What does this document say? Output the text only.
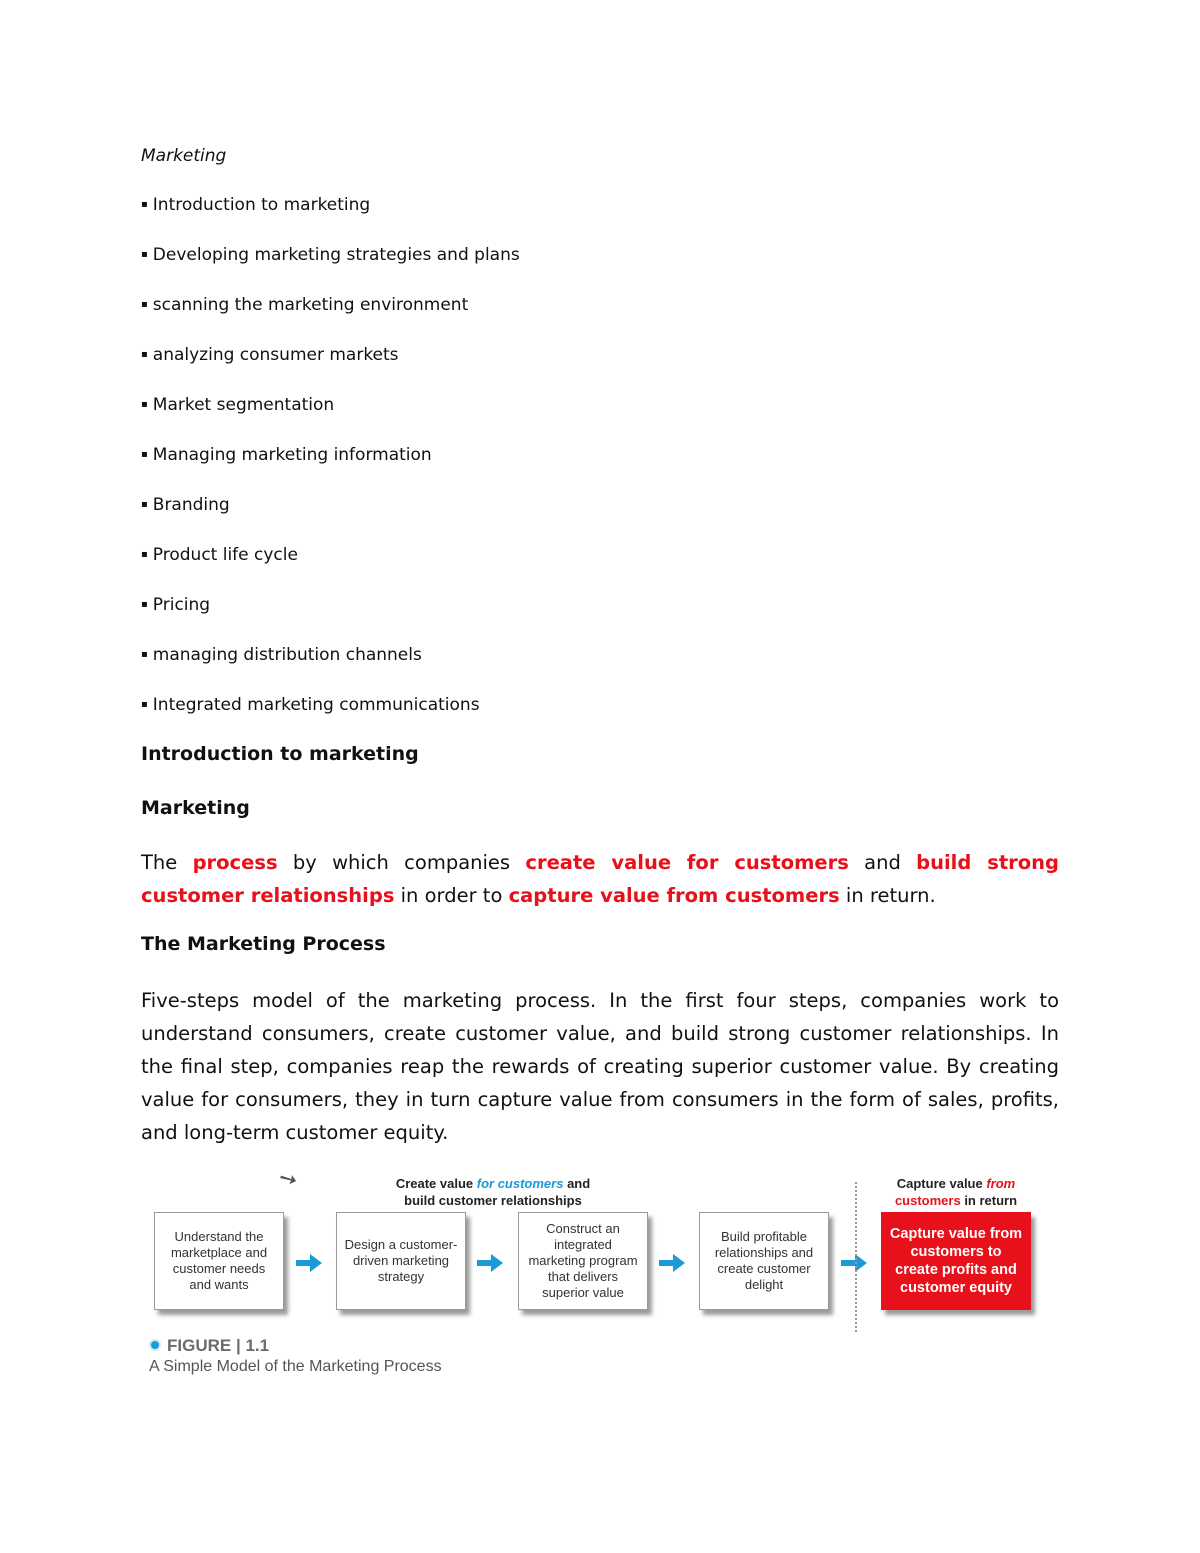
Marketing
▪ Introduction to marketing
▪ Developing marketing strategies and plans
▪ scanning the marketing environment
▪ analyzing consumer markets
▪ Market segmentation
▪ Managing marketing information
▪ Branding
▪ Product life cycle
▪ Pricing
▪ managing distribution channels
▪ Integrated marketing communications
Introduction to marketing
Marketing
The process by which companies create value for customers and build strong customer relationships in order to capture value from customers in return.
The Marketing Process
Five-steps model of the marketing process. In the first four steps, companies work to understand consumers, create customer value, and build strong customer relationships. In the final step, companies reap the rewards of creating superior customer value. By creating value for consumers, they in turn capture value from consumers in the form of sales, profits, and long-term customer equity.
➘	Create value for customers and
build customer relationships
Capture value from
customers in return
Understand the marketplace and customer needs and wants
Design a customer-driven marketing strategy
Construct an integrated marketing program that delivers superior value
Build profitable relationships and create customer delight
Capture value from customers to create profits and customer equity
FIGURE | 1.1
A Simple Model of the Marketing Process
